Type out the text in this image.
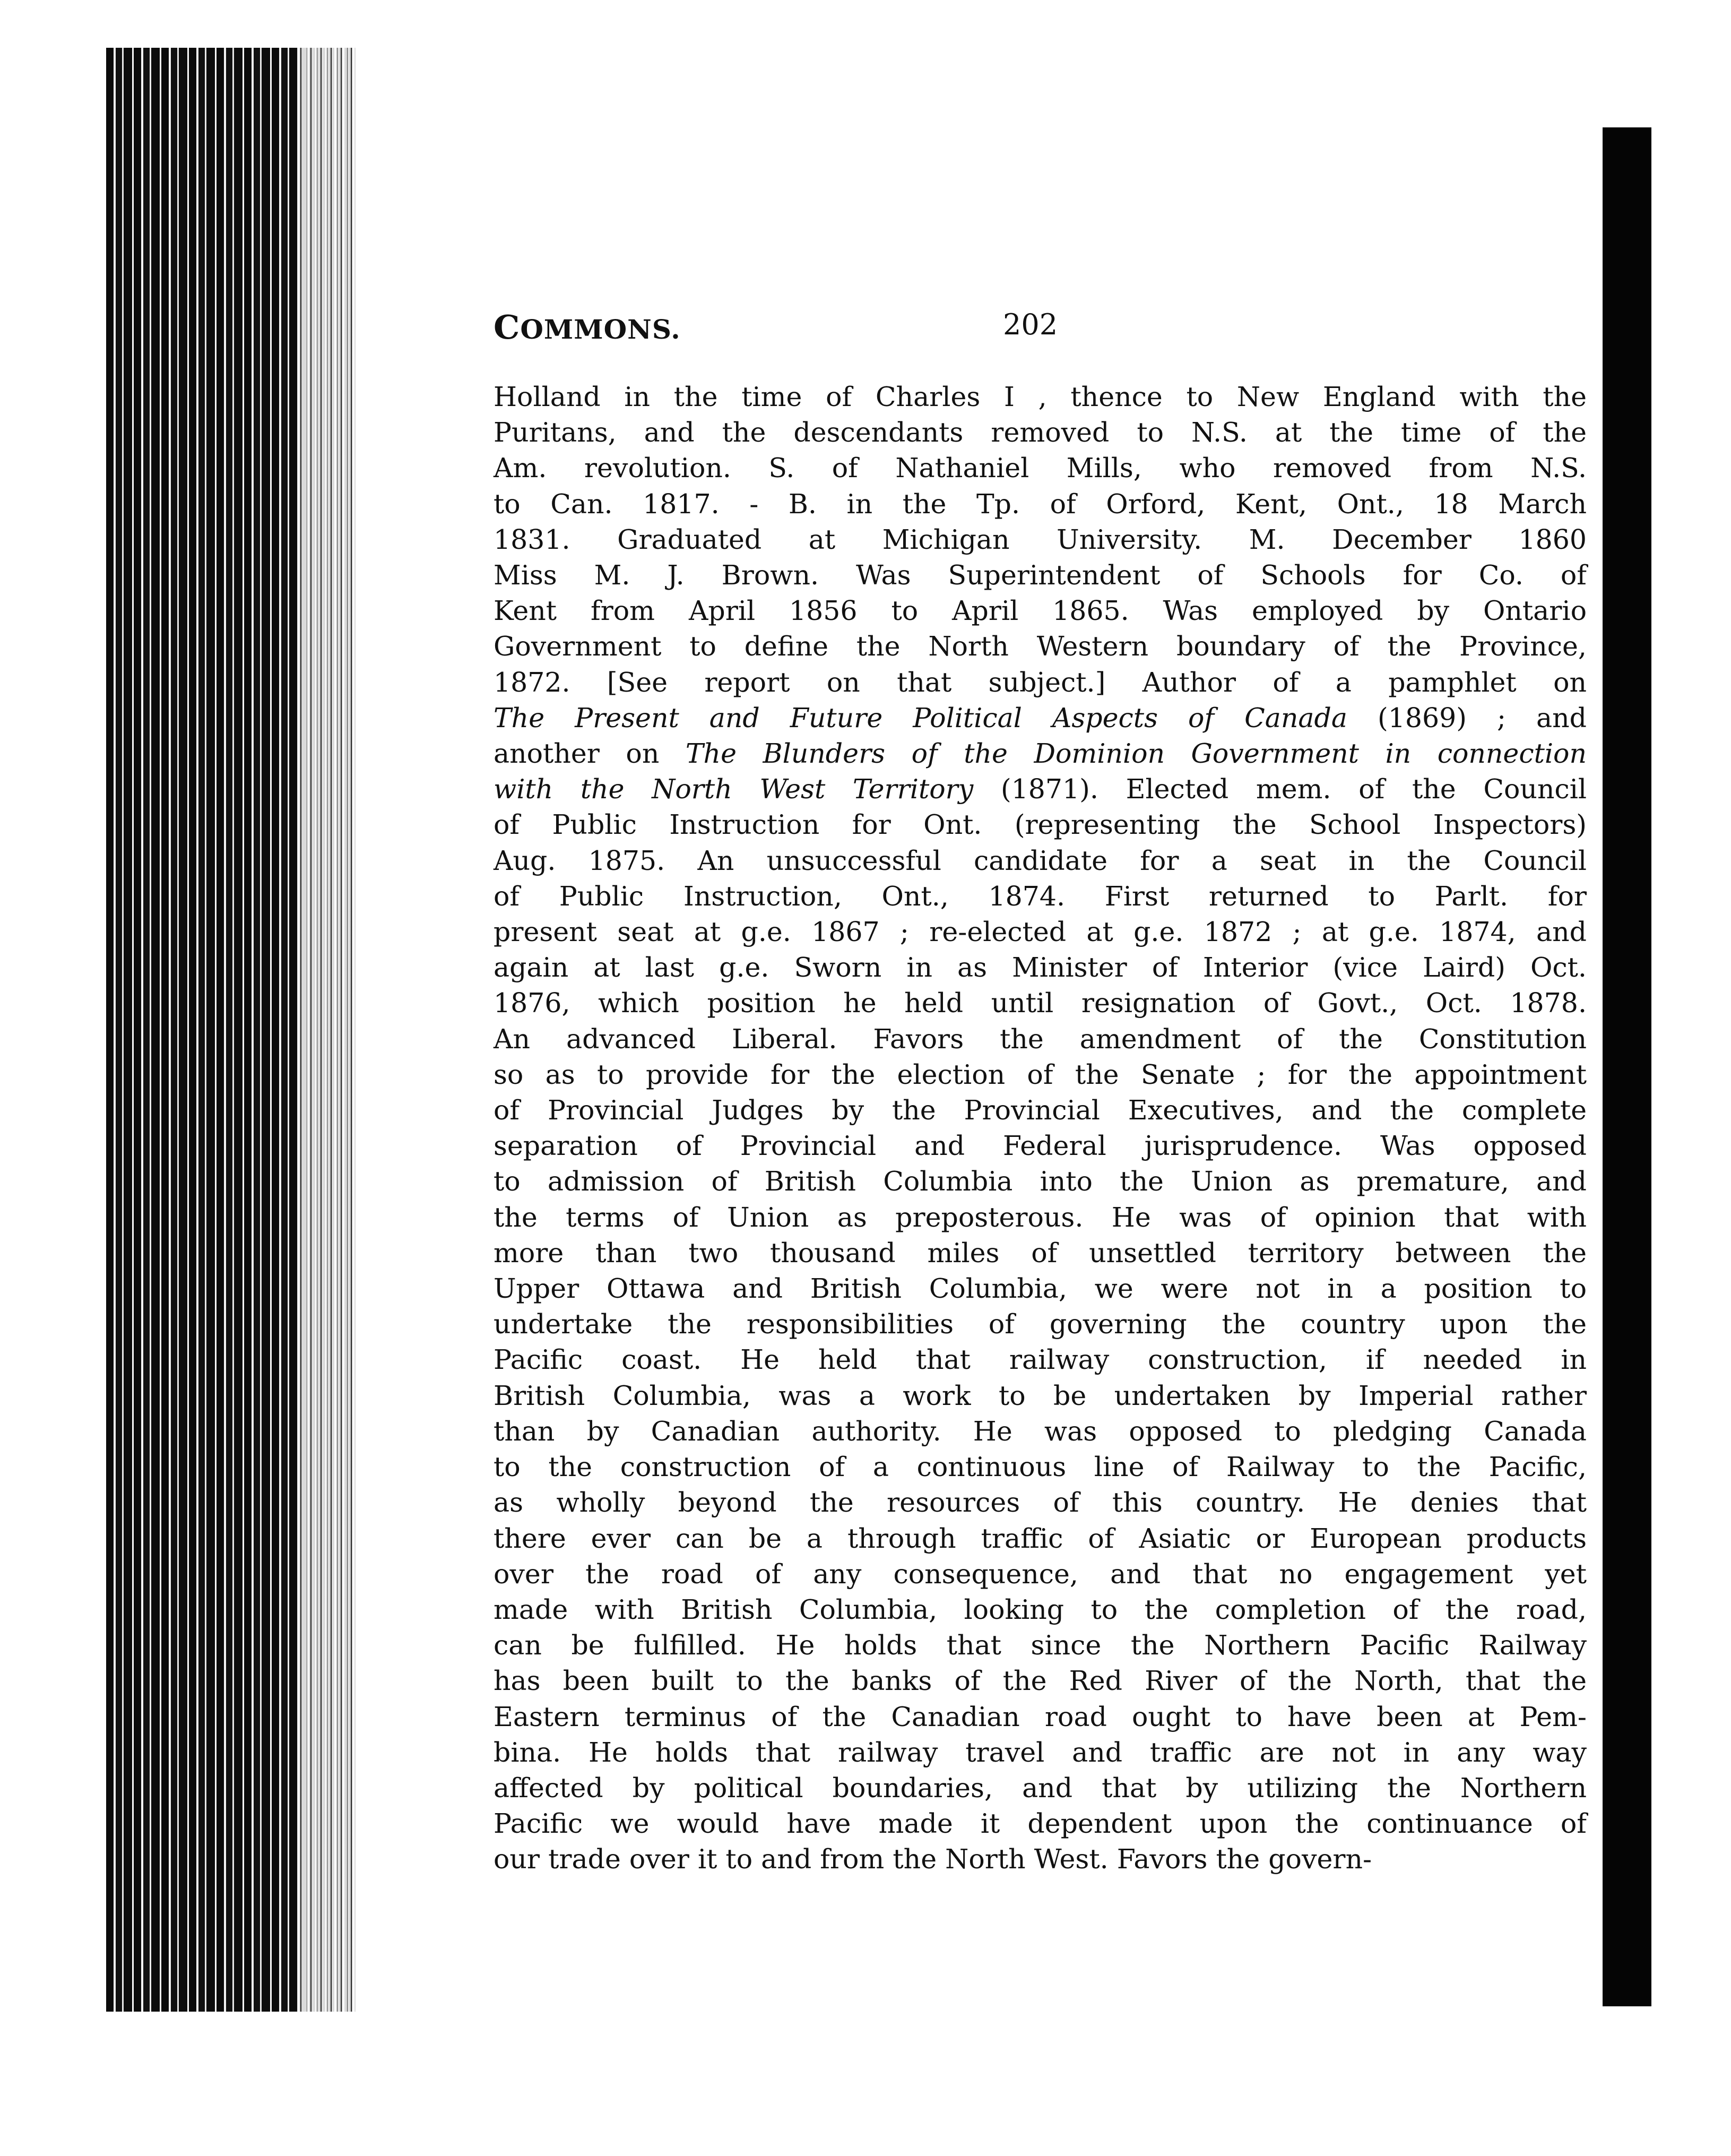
COMMONS.	202
Holland in the time of Charles I , thence to New England with the
Puritans, and the descendants removed to N.S. at the time of the
Am. revolution. S. of Nathaniel Mills, who removed from N.S.
to Can. 1817. - B. in the Tp. of Orford, Kent, Ont., 18 March
1831. Graduated at Michigan University. M. December 1860
Miss M. J. Brown. Was Superintendent of Schools for Co. of
Kent from April 1856 to April 1865. Was employed by Ontario
Government to define the North Western boundary of the Province,
1872. [See report on that subject.] Author of a pamphlet on
The Present and Future Political Aspects of Canada (1869) ; and
another on The Blunders of the Dominion Government in connection
with the North West Territory (1871). Elected mem. of the Council
of Public Instruction for Ont. (representing the School Inspectors)
Aug. 1875. An unsuccessful candidate for a seat in the Council
of Public Instruction, Ont., 1874. First returned to Parlt. for
present seat at g.e. 1867 ; re-elected at g.e. 1872 ; at g.e. 1874, and
again at last g.e. Sworn in as Minister of Interior (vice Laird) Oct.
1876, which position he held until resignation of Govt., Oct. 1878.
An advanced Liberal. Favors the amendment of the Constitution
so as to provide for the election of the Senate ; for the appointment
of Provincial Judges by the Provincial Executives, and the complete
separation of Provincial and Federal jurisprudence. Was opposed
to admission of British Columbia into the Union as premature, and
the terms of Union as preposterous. He was of opinion that with
more than two thousand miles of unsettled territory between the
Upper Ottawa and British Columbia, we were not in a position to
undertake the responsibilities of governing the country upon the
Pacific coast. He held that railway construction, if needed in
British Columbia, was a work to be undertaken by Imperial rather
than by Canadian authority. He was opposed to pledging Canada
to the construction of a continuous line of Railway to the Pacific,
as wholly beyond the resources of this country. He denies that
there ever can be a through traffic of Asiatic or European products
over the road of any consequence, and that no engagement yet
made with British Columbia, looking to the completion of the road,
can be fulfilled. He holds that since the Northern Pacific Railway
has been built to the banks of the Red River of the North, that the
Eastern terminus of the Canadian road ought to have been at Pem-
bina. He holds that railway travel and traffic are not in any way
affected by political boundaries, and that by utilizing the Northern
Pacific we would have made it dependent upon the continuance of
our trade over it to and from the North West. Favors the govern-
